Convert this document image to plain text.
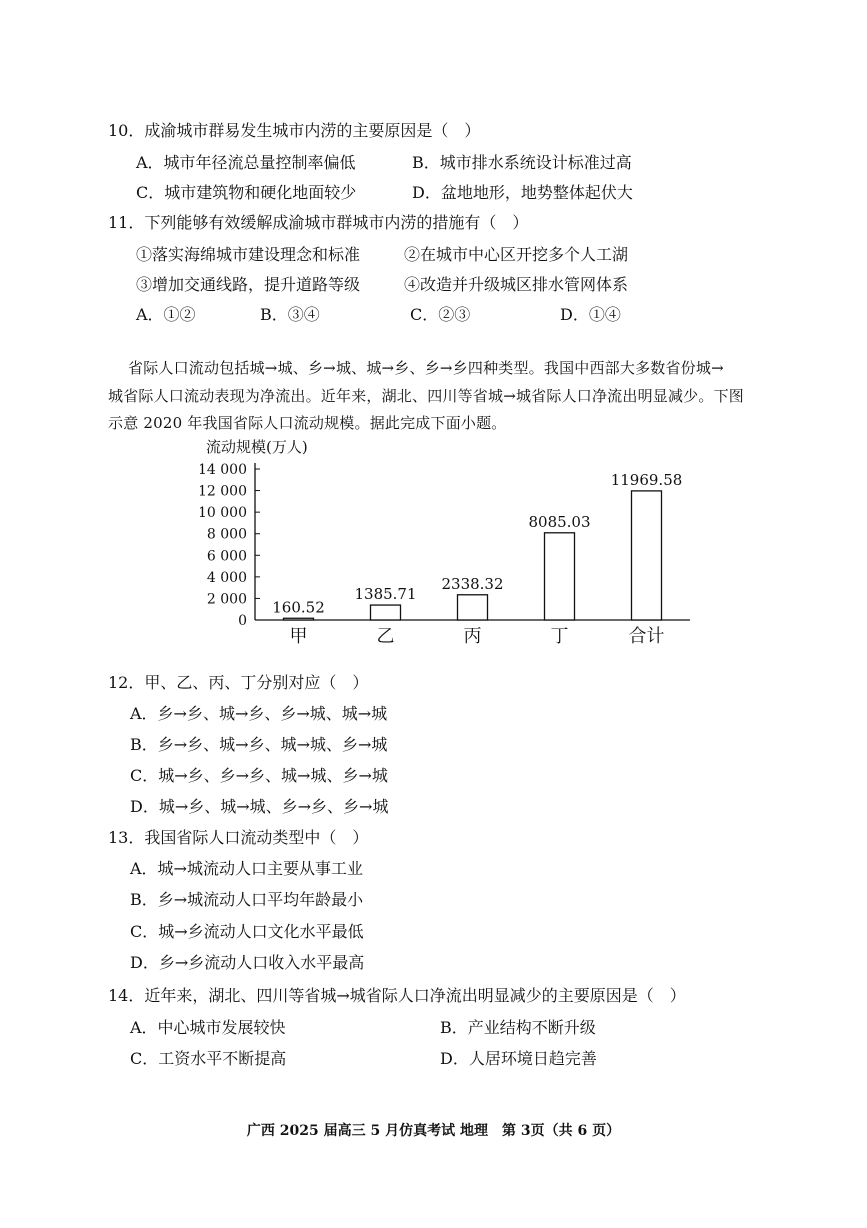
10．成渝城市群易发生城市内涝的主要原因是（　）
A．城市年径流总量控制率偏低	B．城市排水系统设计标准过高
C．城市建筑物和硬化地面较少	D．盆地地形，地势整体起伏大
11．下列能够有效缓解成渝城市群城市内涝的措施有（　）
①落实海绵城市建设理念和标准	②在城市中心区开挖多个人工湖
③增加交通线路，提升道路等级	④改造并升级城区排水管网体系
A．①②	B．③④	C．②③	D．①④
省际人口流动包括城→城、乡→城、城→乡、乡→乡四种类型。我国中西部大多数省份城→
城省际人口流动表现为净流出。近年来，湖北、四川等省城→城省际人口净流出明显减少。下图
示意 2020 年我国省际人口流动规模。据此完成下面小题。
流动规模(万人)
0
2 000
4 000
6 000
8 000
10 000
12 000
14 000
160.52
甲
1385.71
乙
2338.32
丙
8085.03
丁
11969.58
合计
12．甲、乙、丙、丁分别对应（　）
A．乡→乡、城→乡、乡→城、城→城
B．乡→乡、城→乡、城→城、乡→城
C．城→乡、乡→乡、城→城、乡→城
D．城→乡、城→城、乡→乡、乡→城
13．我国省际人口流动类型中（　）
A．城→城流动人口主要从事工业
B．乡→城流动人口平均年龄最小
C．城→乡流动人口文化水平最低
D．乡→乡流动人口收入水平最高
14．近年来，湖北、四川等省城→城省际人口净流出明显减少的主要原因是（　）
A．中心城市发展较快	B．产业结构不断升级
C．工资水平不断提高	D．人居环境日趋完善
广西 2025 届高三 5 月仿真考试 地理　第 3页（共 6 页）
